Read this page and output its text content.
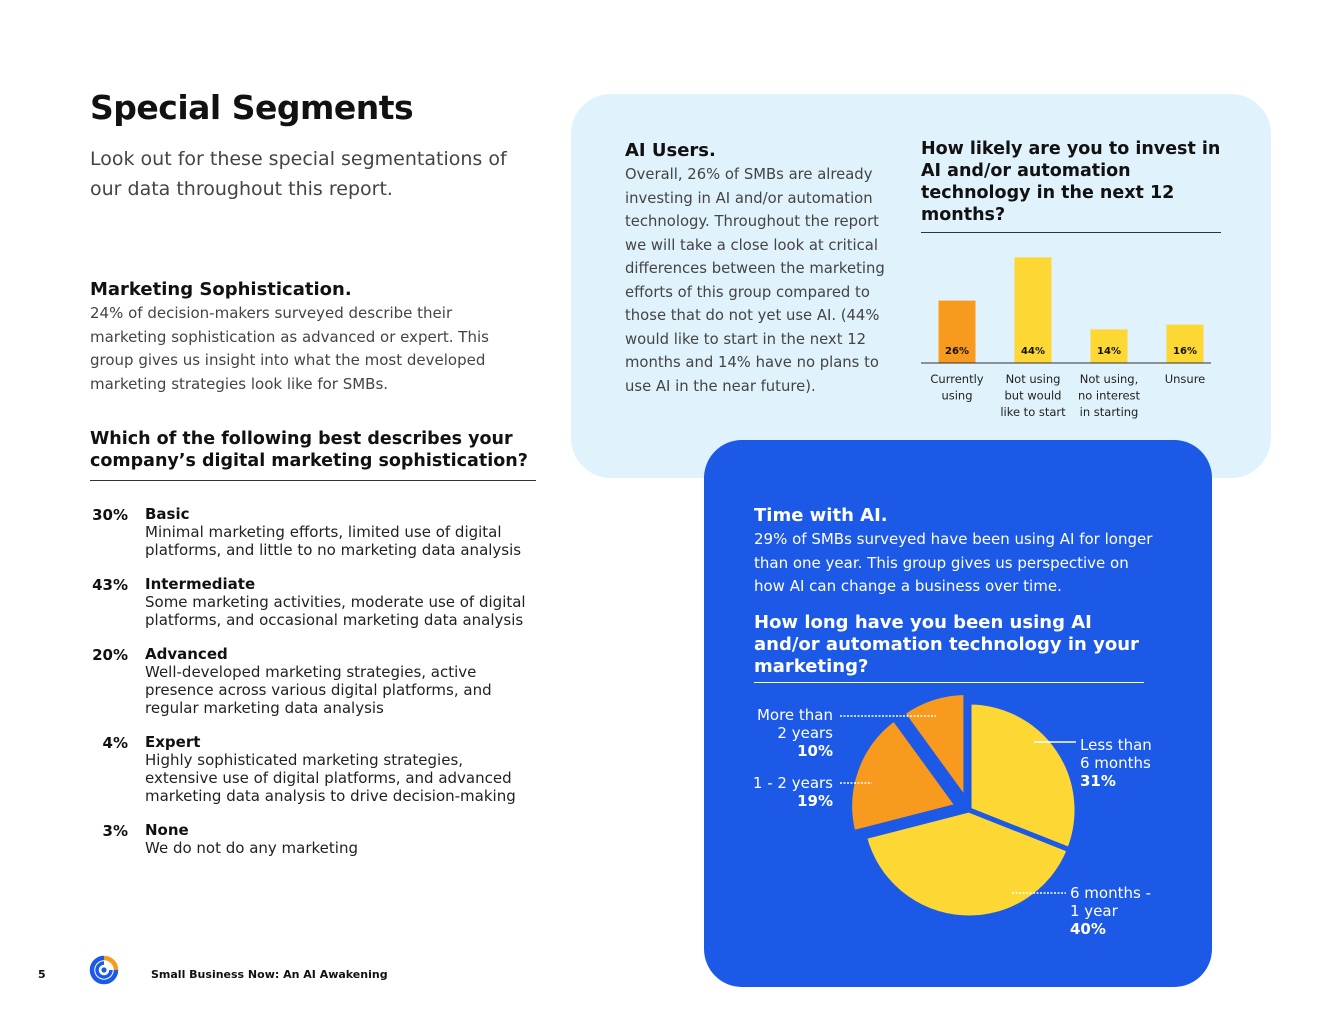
Special Segments
Look out for these special segmentations of our data throughout this report.
Marketing Sophistication.
24% of decision-makers surveyed describe their marketing sophistication as advanced or expert. This group gives us insight into what the most developed marketing strategies look like for SMBs.
Which of the following best describes your company’s digital marketing sophistication?
30% Basic
Minimal marketing efforts, limited use of digital platforms, and little to no marketing data analysis
43% Intermediate
Some marketing activities, moderate use of digital platforms, and occasional marketing data analysis
20% Advanced
Well-developed marketing strategies, active presence across various digital platforms, and regular marketing data analysis
4% Expert
Highly sophisticated marketing strategies, extensive use of digital platforms, and advanced marketing data analysis to drive decision-making
3% None
We do not do any marketing
AI Users.
Overall, 26% of SMBs are already investing in AI and/or automation technology. Throughout the report we will take a close look at critical differences between the marketing efforts of this group compared to those that do not yet use AI. (44% would like to start in the next 12 months and 14% have no plans to use AI in the near future).
How likely are you to invest in AI and/or automation technology in the next 12 months?
26%
Currently using
44%
Not using but would like to start
14%
Not using, no interest in starting
16%
Unsure
Time with AI.
29% of SMBs surveyed have been using AI for longer than one year. This group gives us perspective on how AI can change a business over time.
How long have you been using AI and/or automation technology in your marketing?
Less than 6 months 31%
6 months -1 year 40%
1 - 2 years 19%
More than 2 years 10%
5	Small Business Now: An AI Awakening
